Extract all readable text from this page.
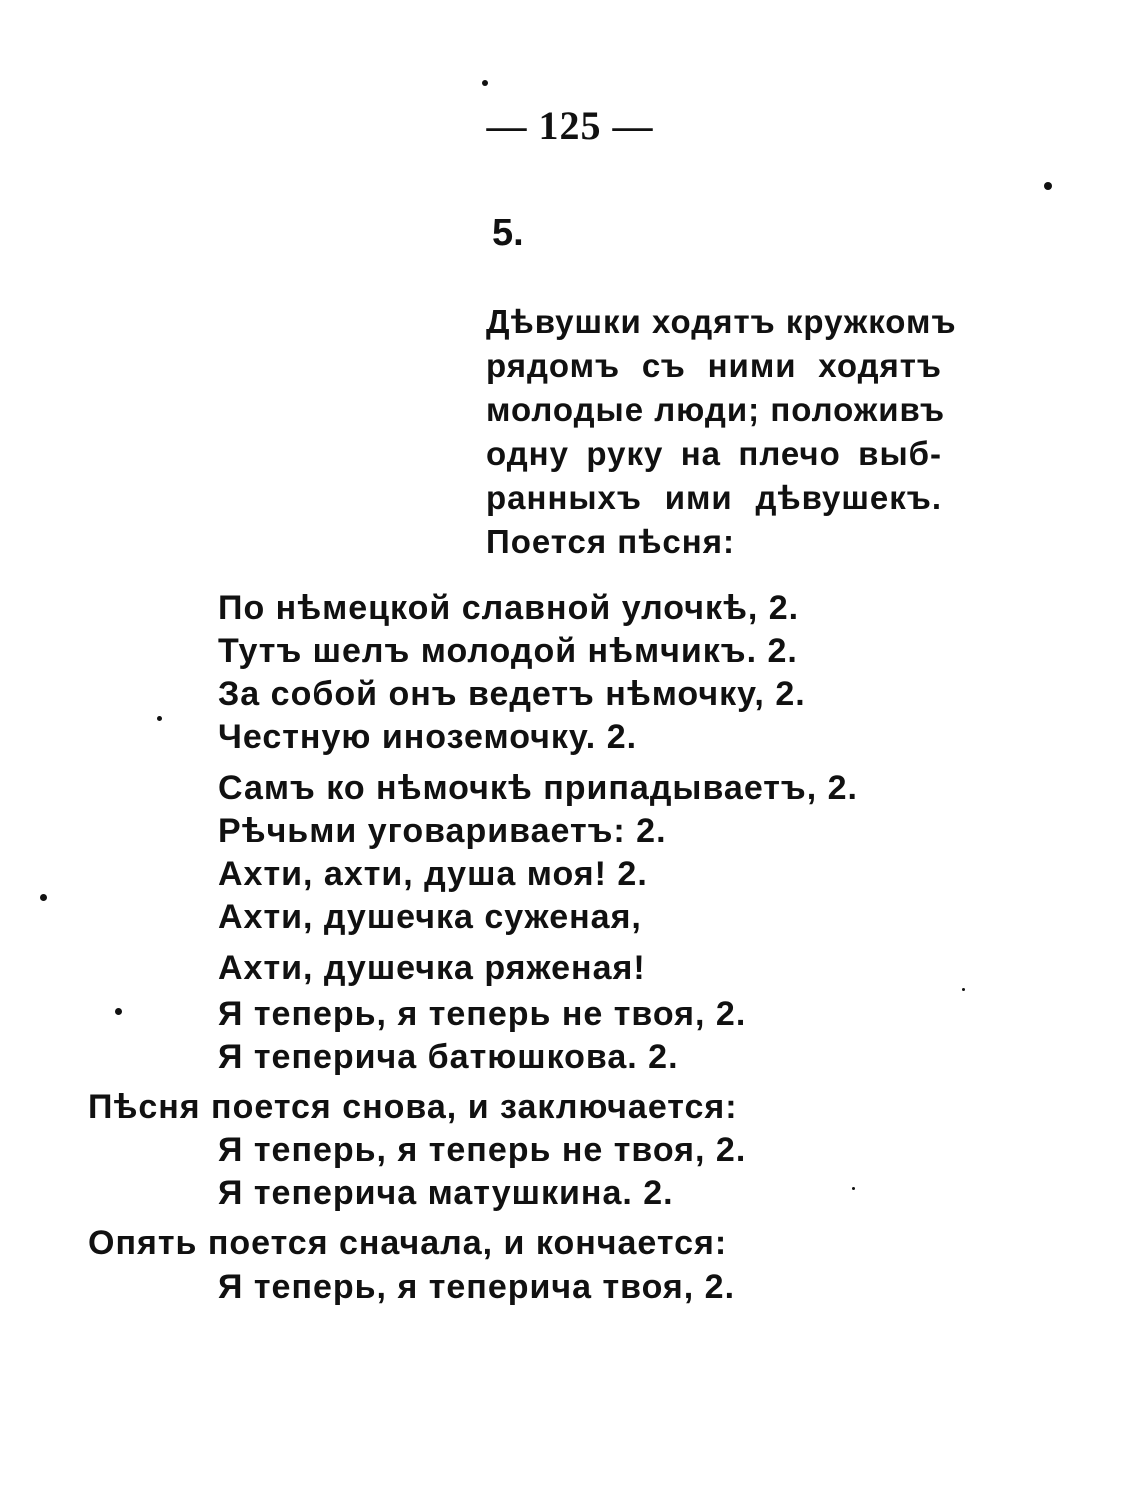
— 125 —
5.
Дѣвушки ходятъ кружкомъ
рядомъ съ ними ходятъ
молодые люди; положивъ
одну руку на плечо выб-
ранныхъ ими дѣвушекъ.
Поется пѣсня:
По нѣмецкой славной улочкѣ, 2.
Тутъ шелъ молодой нѣмчикъ. 2.
За собой онъ ведетъ нѣмочку, 2.
Честную иноземочку. 2.
Самъ ко нѣмочкѣ припадываетъ, 2.
Рѣчьми уговариваетъ: 2.
Ахти, ахти, душа моя! 2.
Ахти, душечка суженая,
Ахти, душечка ряженая!
Я теперь, я теперь не твоя, 2.
Я теперича батюшкова. 2.
Пѣсня поется снова, и заключается:
Я теперь, я теперь не твоя, 2.
Я теперича матушкина. 2.
Опять поется сначала, и кончается:
Я теперь, я теперича твоя, 2.
